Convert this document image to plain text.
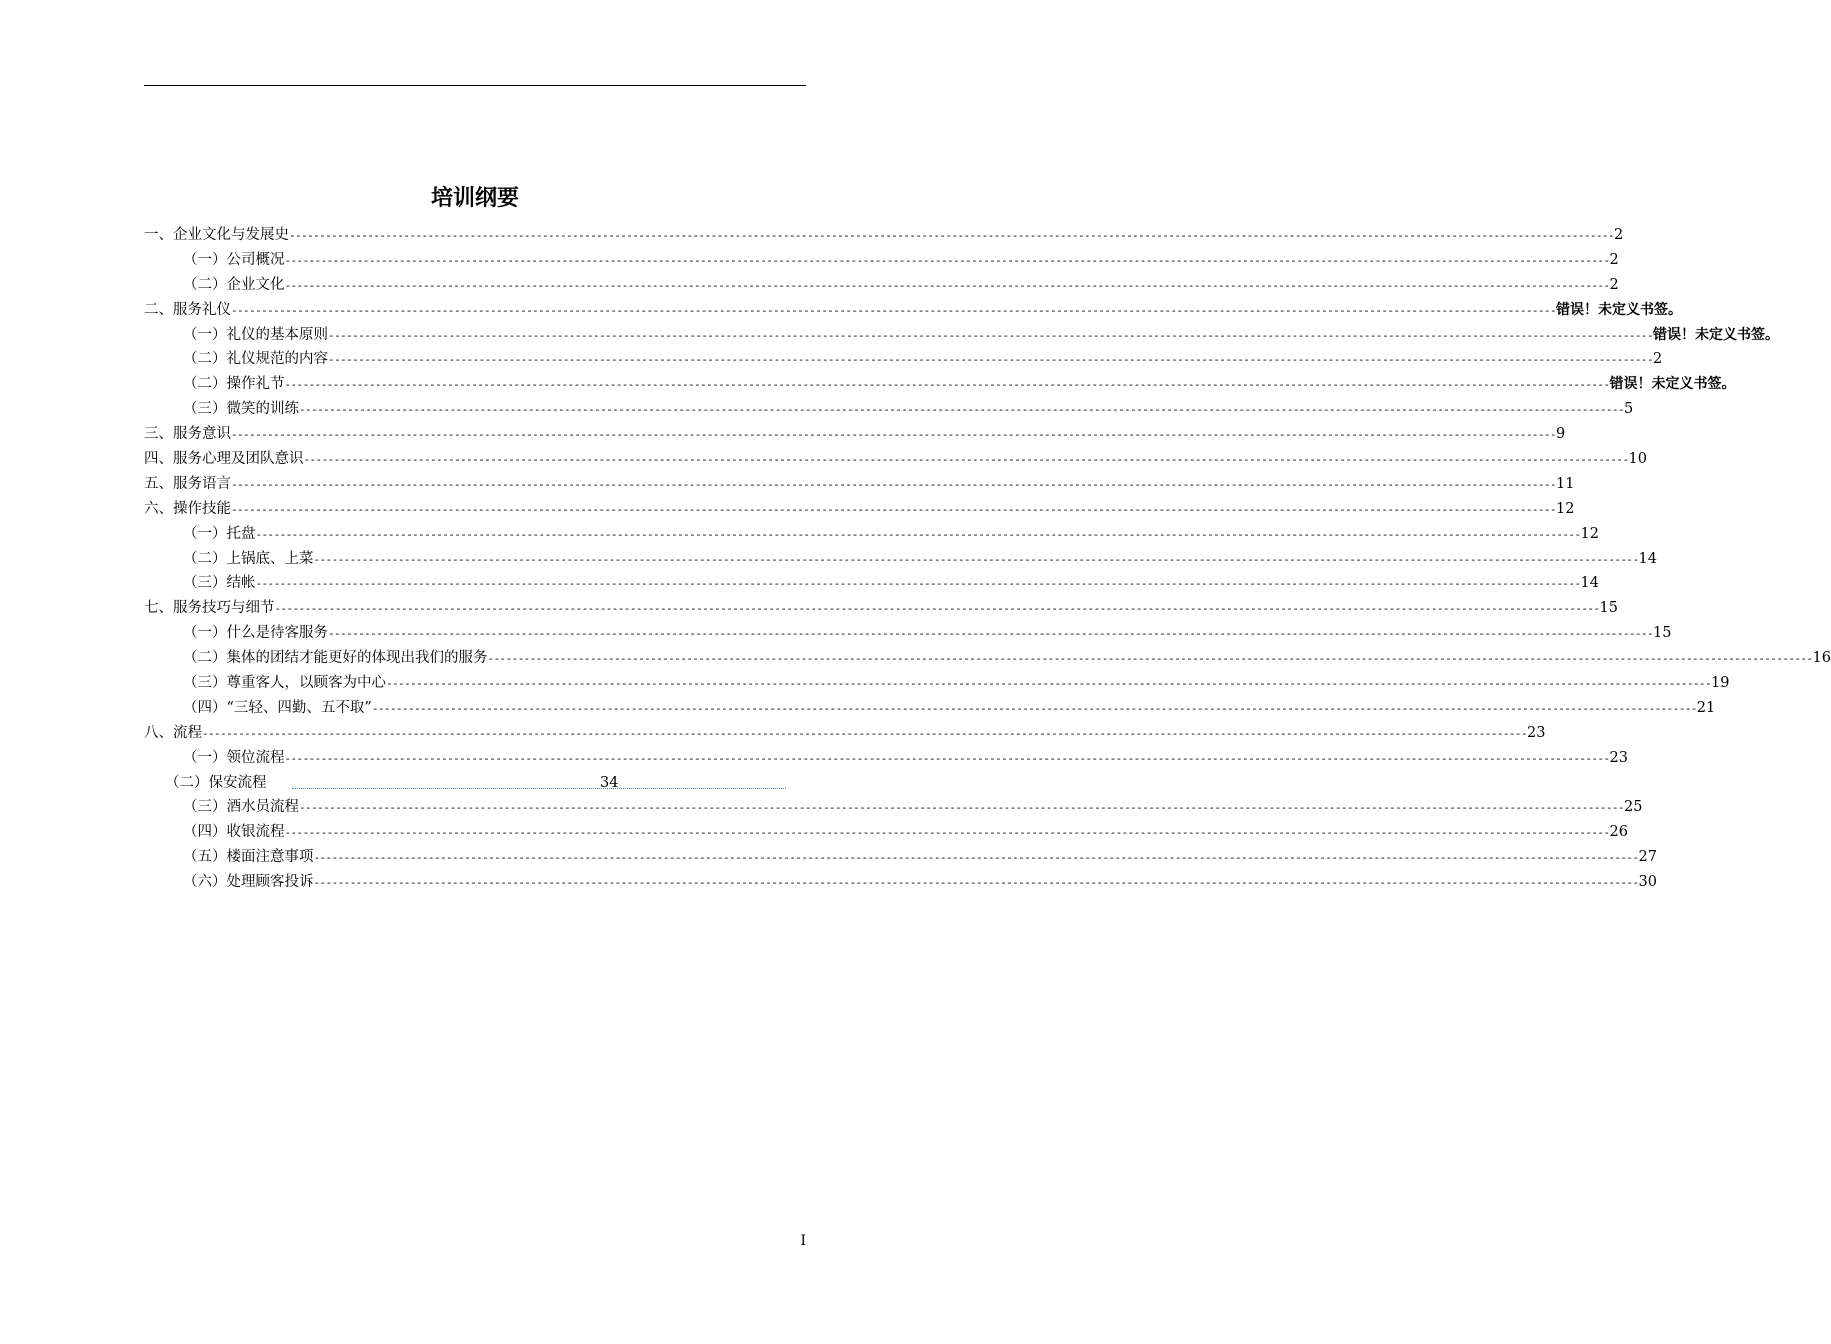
培训纲要
一、企业文化与发展史 ---------------------------------------------------------------------------------------------------------------------------------------------------------------------------------------------------------------------------- 2
（一）公司概况 ---------------------------------------------------------------------------------------------------------------------------------------------------------------------------------------------------------------------------- 2
（二）企业文化 ---------------------------------------------------------------------------------------------------------------------------------------------------------------------------------------------------------------------------- 2
二、服务礼仪 ---------------------------------------------------------------------------------------------------------------------------------------------------------------------------------------------------------------------------- 错误！未定义书签。
（一）礼仪的基本原则 ---------------------------------------------------------------------------------------------------------------------------------------------------------------------------------------------------------------------------- 错误！未定义书签。
（二）礼仪规范的内容 ---------------------------------------------------------------------------------------------------------------------------------------------------------------------------------------------------------------------------- 2
（二）操作礼节 ---------------------------------------------------------------------------------------------------------------------------------------------------------------------------------------------------------------------------- 错误！未定义书签。
（三）微笑的训练 ---------------------------------------------------------------------------------------------------------------------------------------------------------------------------------------------------------------------------- 5
三、服务意识 ---------------------------------------------------------------------------------------------------------------------------------------------------------------------------------------------------------------------------- 9
四、服务心理及团队意识 ---------------------------------------------------------------------------------------------------------------------------------------------------------------------------------------------------------------------------- 10
五、服务语言 ---------------------------------------------------------------------------------------------------------------------------------------------------------------------------------------------------------------------------- 11
六、操作技能 ---------------------------------------------------------------------------------------------------------------------------------------------------------------------------------------------------------------------------- 12
（一）托盘 ---------------------------------------------------------------------------------------------------------------------------------------------------------------------------------------------------------------------------- 12
（二）上锅底、上菜 ---------------------------------------------------------------------------------------------------------------------------------------------------------------------------------------------------------------------------- 14
（三）结帐 ---------------------------------------------------------------------------------------------------------------------------------------------------------------------------------------------------------------------------- 14
七、服务技巧与细节 ---------------------------------------------------------------------------------------------------------------------------------------------------------------------------------------------------------------------------- 15
（一）什么是待客服务 ---------------------------------------------------------------------------------------------------------------------------------------------------------------------------------------------------------------------------- 15
（二）集体的团结才能更好的体现出我们的服务 ---------------------------------------------------------------------------------------------------------------------------------------------------------------------------------------------------------------------------- 16
（三）尊重客人，以顾客为中心 ---------------------------------------------------------------------------------------------------------------------------------------------------------------------------------------------------------------------------- 19
（四）“三轻、四勤、五不取” ---------------------------------------------------------------------------------------------------------------------------------------------------------------------------------------------------------------------------- 21
八、流程 ---------------------------------------------------------------------------------------------------------------------------------------------------------------------------------------------------------------------------- 23
（一）领位流程 ---------------------------------------------------------------------------------------------------------------------------------------------------------------------------------------------------------------------------- 23
（二）保安流程	34
（三）酒水员流程 ---------------------------------------------------------------------------------------------------------------------------------------------------------------------------------------------------------------------------- 25
（四）收银流程 ---------------------------------------------------------------------------------------------------------------------------------------------------------------------------------------------------------------------------- 26
（五）楼面注意事项 ---------------------------------------------------------------------------------------------------------------------------------------------------------------------------------------------------------------------------- 27
（六）处理顾客投诉 ---------------------------------------------------------------------------------------------------------------------------------------------------------------------------------------------------------------------------- 30
I
